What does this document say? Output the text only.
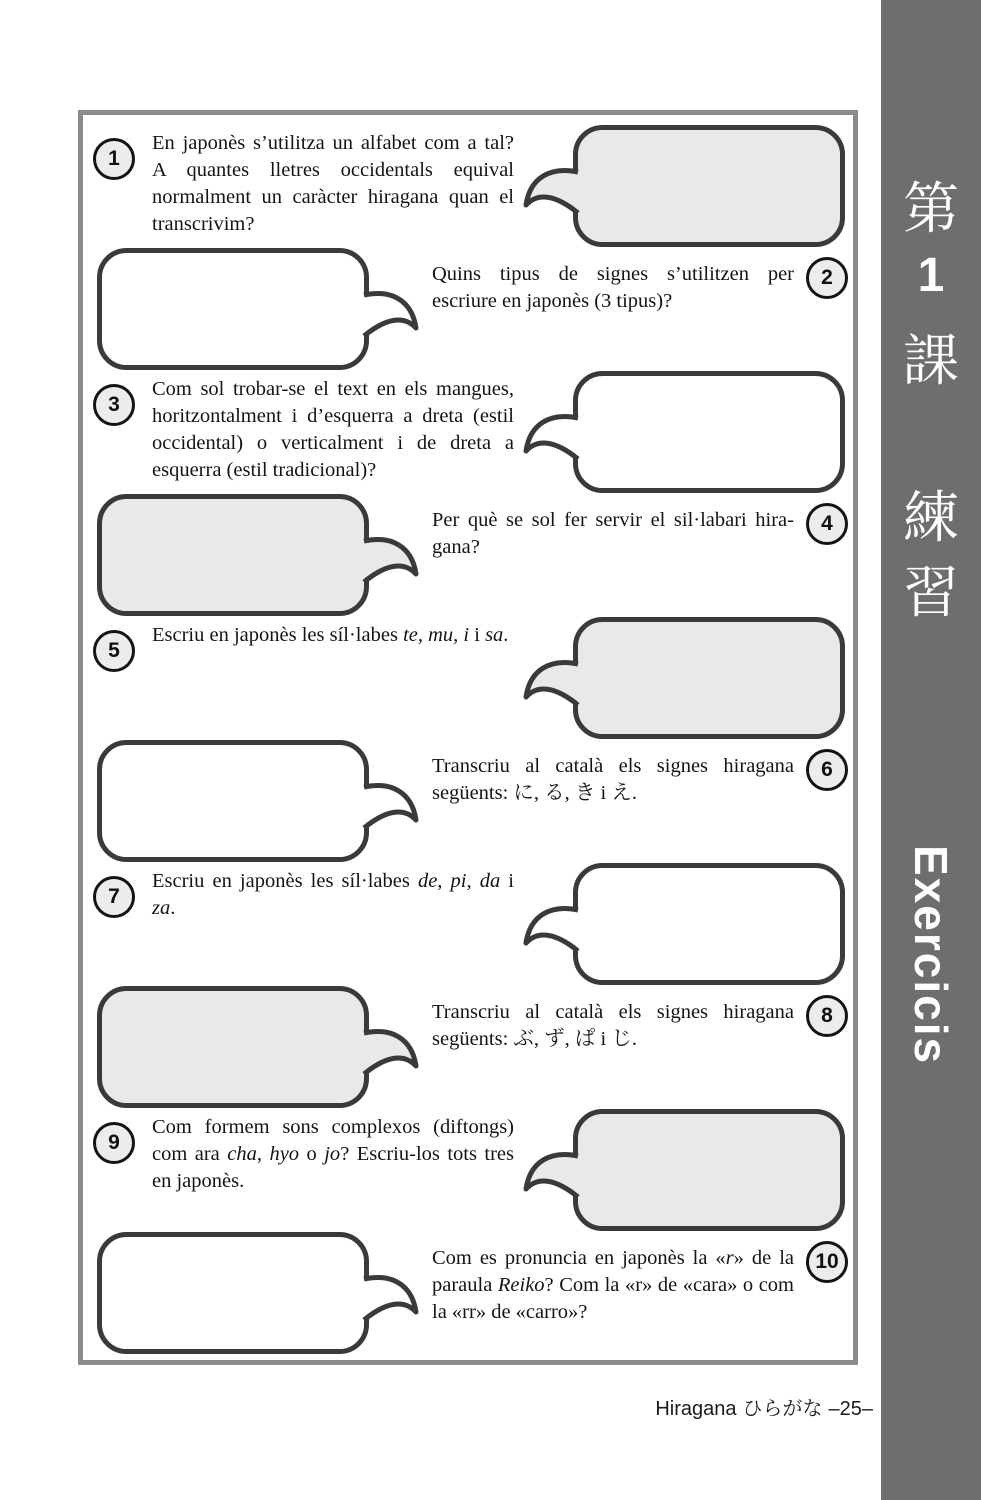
1
En japonès s’utilitza un alfabet com a tal? A quantes lletres occidentals equival normalment un caràcter hiragana quan el transcrivim?
Quins tipus de signes s’utilitzen per escriure en japonès (3 tipus)?
2
3
Com sol trobar-se el text en els mangues, horitzontalment i d’esquerra a dreta (estil occidental) o verticalment i de dreta a esquerra (estil tradicional)?
Per què se sol fer servir el sil·labari hiragana?
4
5
Escriu en japonès les síl·labes te, mu, i i sa.
Transcriu al català els signes hiragana següents: に, る, き i え.
6
7
Escriu en japonès les síl·labes de, pi, da i za.
Transcriu al català els signes hiragana següents: ぶ, ず, ぱ i じ.
8
9
Com formem sons complexos (diftongs) com ara cha, hyo o jo? Escriu-los tots tres en japonès.
Com es pronuncia en japonès la «r» de la paraula Reiko? Com la «r» de «cara» o com la «rr» de «carro»?
10
第
1
課
練
習
Exercicis
Hiragana ひらがな –25–
